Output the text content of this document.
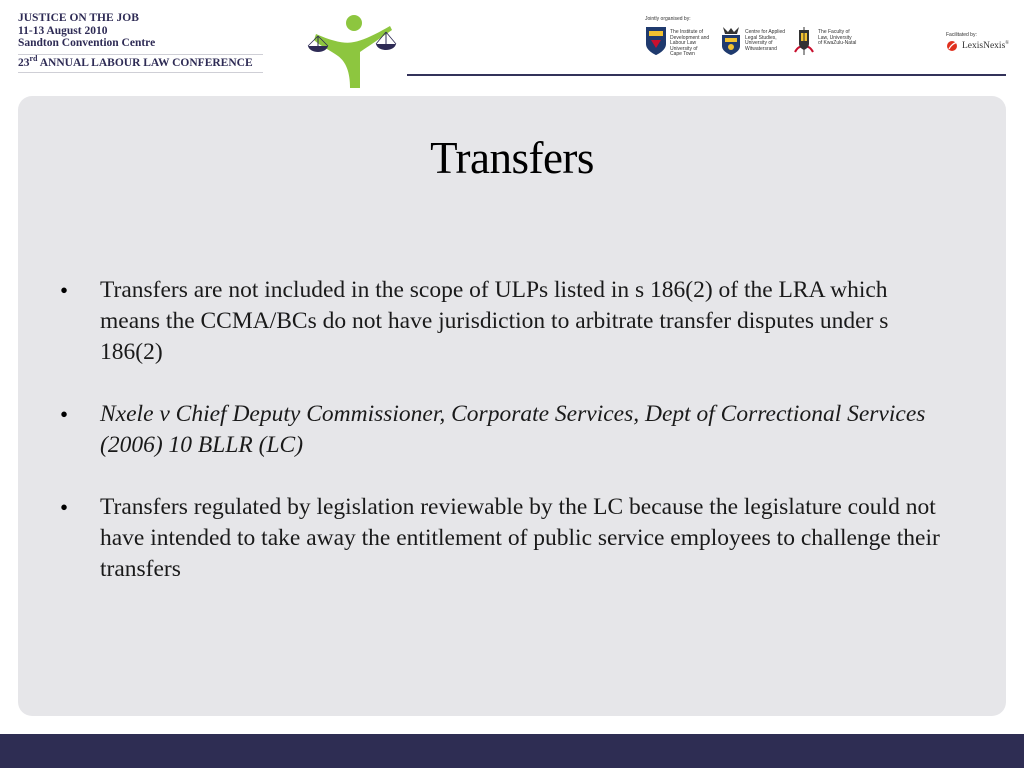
JUSTICE ON THE JOB
11-13 August 2010
Sandton Convention Centre
23rd ANNUAL LABOUR LAW CONFERENCE
Jointly organised by:
The Institute of
Development and
Labour Law
University of
Cape Town
Centre for Applied
Legal Studies,
University of
Witwatersrand
The Faculty of
Law, University
of KwaZulu-Natal
Facilitated by:
LexisNexis®
Transfers
•	Transfers are not included in the scope of ULPs listed in s 186(2) of the LRA which means the CCMA/BCs do not have jurisdiction to arbitrate transfer disputes under s 186(2)
•	Nxele v Chief Deputy Commissioner, Corporate Services, Dept of Correctional Services (2006) 10 BLLR (LC)
•	Transfers regulated by legislation reviewable by the LC because the legislature could not have intended to take away the entitlement of public service employees to challenge their transfers
